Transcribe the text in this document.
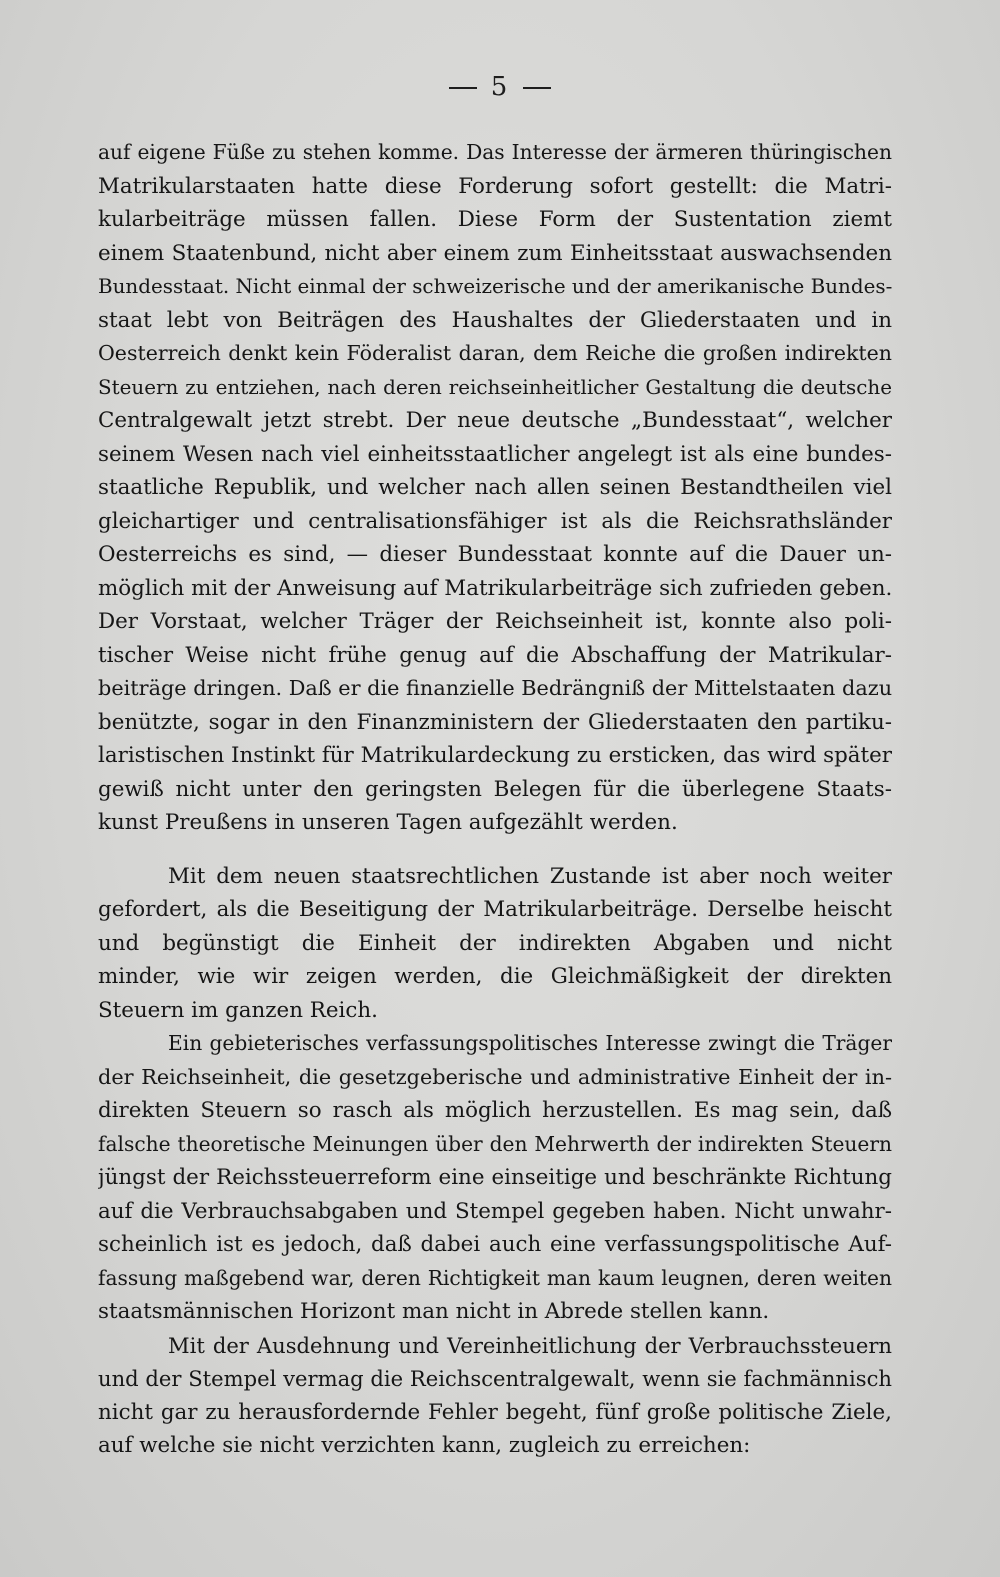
5

auf eigene Füße zu stehen komme. Das Interesse der ärmeren thüringischen
Matrikularstaaten hatte diese Forderung sofort gestellt: die Matri-
kularbeiträge müssen fallen. Diese Form der Sustentation ziemt
einem Staatenbund, nicht aber einem zum Einheitsstaat auswachsenden
Bundesstaat. Nicht einmal der schweizerische und der amerikanische Bundes-
staat lebt von Beiträgen des Haushaltes der Gliederstaaten und in
Oesterreich denkt kein Föderalist daran, dem Reiche die großen indirekten
Steuern zu entziehen, nach deren reichseinheitlicher Gestaltung die deutsche
Centralgewalt jetzt strebt. Der neue deutsche „Bundesstaat“, welcher
seinem Wesen nach viel einheitsstaatlicher angelegt ist als eine bundes-
staatliche Republik, und welcher nach allen seinen Bestandtheilen viel
gleichartiger und centralisationsfähiger ist als die Reichsrathsländer
Oesterreichs es sind, — dieser Bundesstaat konnte auf die Dauer un-
möglich mit der Anweisung auf Matrikularbeiträge sich zufrieden geben.
Der Vorstaat, welcher Träger der Reichseinheit ist, konnte also poli-
tischer Weise nicht frühe genug auf die Abschaffung der Matrikular-
beiträge dringen. Daß er die finanzielle Bedrängniß der Mittelstaaten dazu
benützte, sogar in den Finanzministern der Gliederstaaten den partiku-
laristischen Instinkt für Matrikulardeckung zu ersticken, das wird später
gewiß nicht unter den geringsten Belegen für die überlegene Staats-
kunst Preußens in unseren Tagen aufgezählt werden.

Mit dem neuen staatsrechtlichen Zustande ist aber noch weiter
gefordert, als die Beseitigung der Matrikularbeiträge. Derselbe heischt
und begünstigt die Einheit der indirekten Abgaben und nicht
minder, wie wir zeigen werden, die Gleichmäßigkeit der direkten
Steuern im ganzen Reich.

Ein gebieterisches verfassungspolitisches Interesse zwingt die Träger
der Reichseinheit, die gesetzgeberische und administrative Einheit der in-
direkten Steuern so rasch als möglich herzustellen. Es mag sein, daß
falsche theoretische Meinungen über den Mehrwerth der indirekten Steuern
jüngst der Reichssteuerreform eine einseitige und beschränkte Richtung
auf die Verbrauchsabgaben und Stempel gegeben haben. Nicht unwahr-
scheinlich ist es jedoch, daß dabei auch eine verfassungspolitische Auf-
fassung maßgebend war, deren Richtigkeit man kaum leugnen, deren weiten
staatsmännischen Horizont man nicht in Abrede stellen kann.

Mit der Ausdehnung und Vereinheitlichung der Verbrauchssteuern
und der Stempel vermag die Reichscentralgewalt, wenn sie fachmännisch
nicht gar zu herausfordernde Fehler begeht, fünf große politische Ziele,
auf welche sie nicht verzichten kann, zugleich zu erreichen:
